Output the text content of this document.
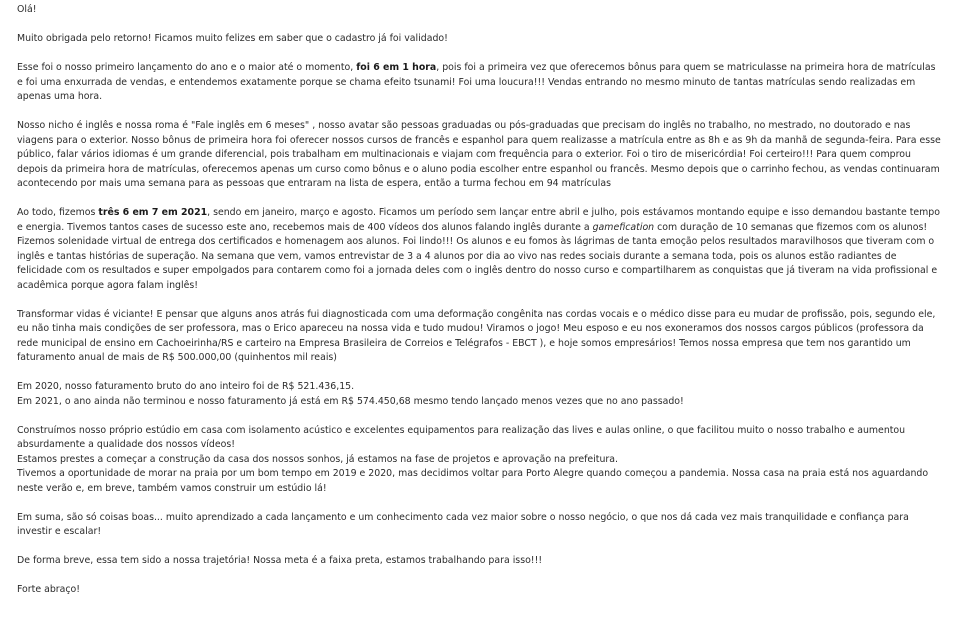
Olá!

Muito obrigada pelo retorno! Ficamos muito felizes em saber que o cadastro já foi validado!

Esse foi o nosso primeiro lançamento do ano e o maior até o momento, foi 6 em 1 hora, pois foi a primeira vez que oferecemos bônus para quem se matriculasse na primeira hora de matrículas e foi uma enxurrada de vendas, e entendemos exatamente porque se chama efeito tsunami! Foi uma loucura!!! Vendas entrando no mesmo minuto de tantas matrículas sendo realizadas em apenas uma hora.

Nosso nicho é inglês e nossa roma é "Fale inglês em 6 meses" , nosso avatar são pessoas graduadas ou pós-graduadas que precisam do inglês no trabalho, no mestrado, no doutorado e nas viagens para o exterior. Nosso bônus de primeira hora foi oferecer nossos cursos de francês e espanhol para quem realizasse a matrícula entre as 8h e as 9h da manhã de segunda-feira. Para esse público, falar vários idiomas é um grande diferencial, pois trabalham em multinacionais e viajam com frequência para o exterior. Foi o tiro de misericórdia! Foi certeiro!!! Para quem comprou depois da primeira hora de matrículas, oferecemos apenas um curso como bônus e o aluno podia escolher entre espanhol ou francês. Mesmo depois que o carrinho fechou, as vendas continuaram acontecendo por mais uma semana para as pessoas que entraram na lista de espera, então a turma fechou em 94 matrículas

Ao todo, fizemos três 6 em 7 em 2021, sendo em janeiro, março e agosto. Ficamos um período sem lançar entre abril e julho, pois estávamos montando equipe e isso demandou bastante tempo e energia. Tivemos tantos cases de sucesso este ano, recebemos mais de 400 vídeos dos alunos falando inglês durante a gamefication com duração de 10 semanas que fizemos com os alunos! Fizemos solenidade virtual de entrega dos certificados e homenagem aos alunos. Foi lindo!!! Os alunos e eu fomos às lágrimas de tanta emoção pelos resultados maravilhosos que tiveram com o inglês e tantas histórias de superação. Na semana que vem, vamos entrevistar de 3 a 4 alunos por dia ao vivo nas redes sociais durante a semana toda, pois os alunos estão radiantes de felicidade com os resultados e super empolgados para contarem como foi a jornada deles com o inglês dentro do nosso curso e compartilharem as conquistas que já tiveram na vida profissional e acadêmica porque agora falam inglês!

Transformar vidas é viciante! E pensar que alguns anos atrás fui diagnosticada com uma deformação congênita nas cordas vocais e o médico disse para eu mudar de profissão, pois, segundo ele, eu não tinha mais condições de ser professora, mas o Erico apareceu na nossa vida e tudo mudou! Viramos o jogo! Meu esposo e eu nos exoneramos dos nossos cargos públicos (professora da rede municipal de ensino em Cachoeirinha/RS e carteiro na Empresa Brasileira de Correios e Telégrafos - EBCT ), e hoje somos empresários! Temos nossa empresa que tem nos garantido um faturamento anual de mais de R$ 500.000,00 (quinhentos mil reais)

Em 2020, nosso faturamento bruto do ano inteiro foi de R$ 521.436,15.

Em 2021, o ano ainda não terminou e nosso faturamento já está em R$ 574.450,68 mesmo tendo lançado menos vezes que no ano passado!

Construímos nosso próprio estúdio em casa com isolamento acústico e excelentes equipamentos para realização das lives e aulas online, o que facilitou muito o nosso trabalho e aumentou absurdamente a qualidade dos nossos vídeos!

Estamos prestes a começar a construção da casa dos nossos sonhos, já estamos na fase de projetos e aprovação na prefeitura.

Tivemos a oportunidade de morar na praia por um bom tempo em 2019 e 2020, mas decidimos voltar para Porto Alegre quando começou a pandemia. Nossa casa na praia está nos aguardando neste verão e, em breve, também vamos construir um estúdio lá!

Em suma, são só coisas boas... muito aprendizado a cada lançamento e um conhecimento cada vez maior sobre o nosso negócio, o que nos dá cada vez mais tranquilidade e confiança para investir e escalar!

De forma breve, essa tem sido a nossa trajetória! Nossa meta é a faixa preta, estamos trabalhando para isso!!!

Forte abraço!
